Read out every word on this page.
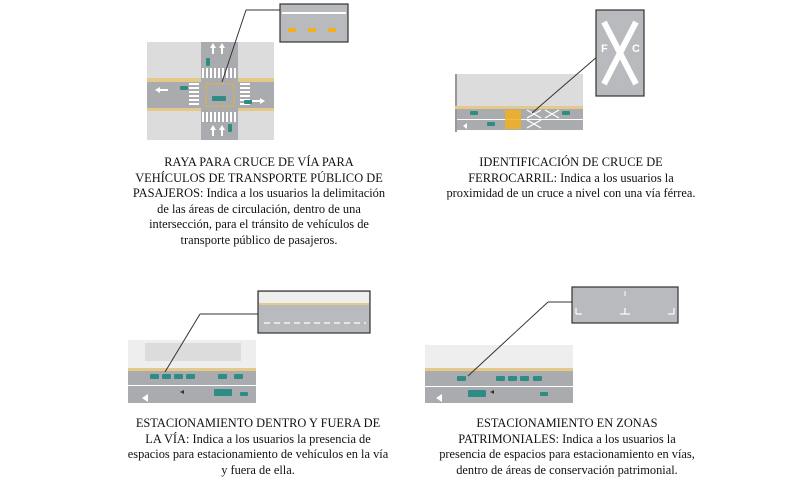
F C
RAYA PARA CRUCE DE VÍA PARA
VEHÍCULOS DE TRANSPORTE PÚBLICO DE
PASAJEROS: Indica a los usuarios la delimitación
de las áreas de circulación, dentro de una
intersección, para el tránsito de vehículos de
transporte público de pasajeros.
IDENTIFICACIÓN DE CRUCE DE
FERROCARRIL: Indica a los usuarios la
proximidad de un cruce a nivel con una vía férrea.
ESTACIONAMIENTO DENTRO Y FUERA DE
LA VÍA: Indica a los usuarios la presencia de
espacios para estacionamiento de vehículos en la vía
y fuera de ella.
ESTACIONAMIENTO EN ZONAS
PATRIMONIALES: Indica a los usuarios la
presencia de espacios para estacionamiento en vías,
dentro de áreas de conservación patrimonial.
